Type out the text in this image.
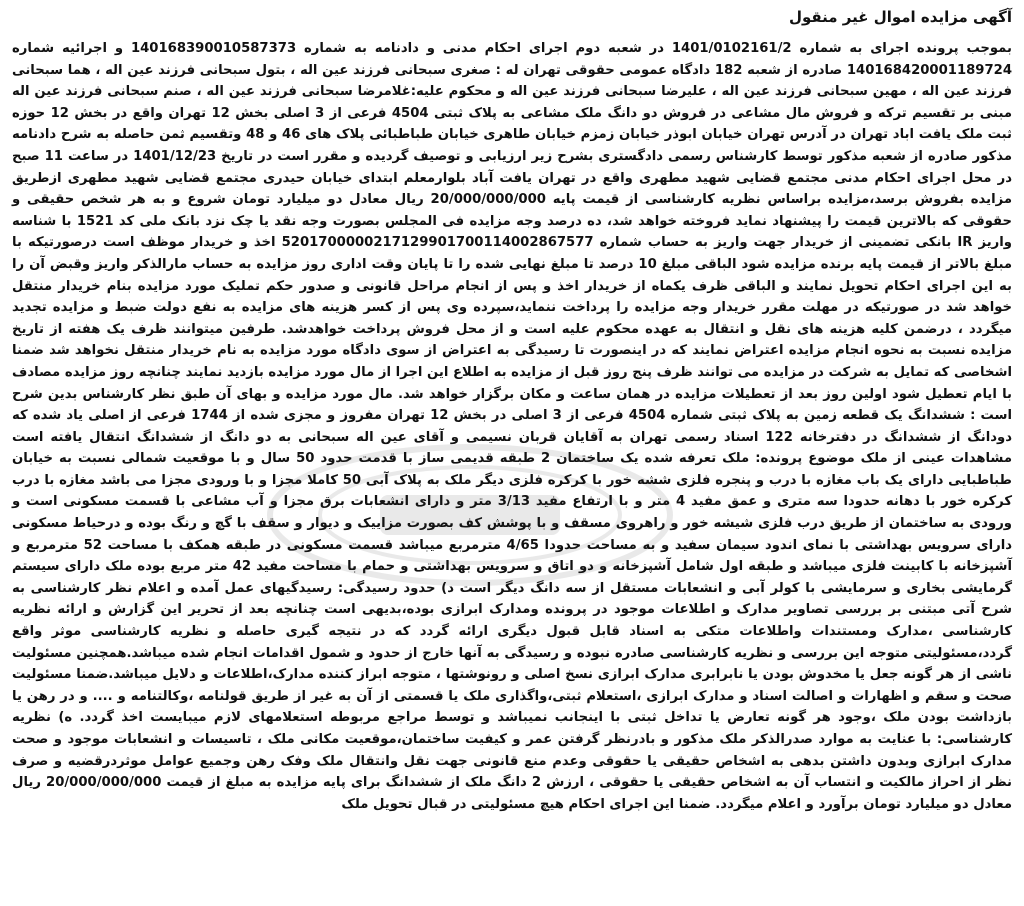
آگهی مزایده اموال غیر منقول

بموجب پرونده اجرای به شماره 1401/0102161/2 در شعبه دوم اجرای احکام مدنی و دادنامه به شماره 140168390010587373 و اجرائیه شماره 140168420001189724 صادره از شعبه 182 دادگاه عمومی حقوقی تهران له : صغری سبحانی فرزند عین اله ، بتول سبحانی فرزند عین اله ، هما سبحانی فرزند عین اله ، مهین سبحانی فرزند عین اله ، علیرضا سبحانی فرزند عین اله و محکوم علیه:غلامرضا سبحانی فرزند عین اله ، صنم سبحانی فرزند عین اله مبنی بر تقسیم ترکه و فروش مال مشاعی در فروش دو دانگ ملک مشاعی به پلاک ثبتی 4504 فرعی از 3 اصلی بخش 12 تهران واقع در بخش 12 حوزه ثبت ملک یافت اباد تهران در آدرس تهران خیابان ابوذر خیابان زمزم خیابان طاهری خیابان طباطبائی پلاک های 46 و 48 وتقسیم ثمن حاصله به شرح دادنامه مذکور صادره از شعبه مذکور توسط کارشناس رسمی دادگستری بشرح زیر ارزیابی و توصیف گردیده و مقرر است در تاریخ 1401/12/23 در ساعت 11 صبح در محل اجرای احکام مدنی مجتمع قضایی شهید مطهری واقع در تهران یافت آباد بلوارمعلم ابتدای خیابان حیدری مجتمع قضایی شهید مطهری ازطریق مزایده بفروش برسد،مزایده براساس نظریه کارشناسی از قیمت پایه 20/000/000/000 ریال معادل دو میلیارد تومان شروع و به هر شخص حقیقی و حقوقی که بالاترین قیمت را پیشنهاد نماید فروخته خواهد شد، ده درصد وجه مزایده فی المجلس بصورت وجه نقد یا چک نزد بانک ملی کد 1521 با شناسه واریز IR بانکی تضمینی از خریدار جهت واریز به حساب شماره 5201700000217129901700114002867577 اخذ و خریدار موظف است درصورتیکه با مبلغ بالاتر از قیمت پایه برنده مزایده شود الباقی مبلغ 10 درصد تا مبلغ نهایی شده را تا پایان وقت اداری روز مزایده به حساب مارالذکر واریز وقبض آن را به این اجرای احکام تحویل نمایند و الباقی ظرف یکماه از خریدار اخذ و پس از انجام مراحل قانونی و صدور حکم تملیک مورد مزایده بنام خریدار منتقل خواهد شد در صورتیکه در مهلت مقرر خریدار وجه مزایده را پرداخت ننماید،سپرده وی پس از کسر هزینه های مزایده به نفع دولت ضبط و مزایده تجدید میگردد ، درضمن کلیه هزینه های نقل و انتقال به عهده محکوم علیه است و از محل فروش پرداخت خواهدشد. طرفین میتوانند ظرف یک هفته از تاریخ مزایده نسبت به نحوه انجام مزایده اعتراض نمایند که در اینصورت تا رسیدگی به اعتراض از سوی دادگاه مورد مزایده به نام خریدار منتقل نخواهد شد ضمنا اشخاصی که تمایل به شرکت در مزایده می توانند ظرف پنج روز قبل از مزایده به اطلاع این اجرا از مال مورد مزایده بازدید نمایند چنانچه روز مزایده مصادف با ایام تعطیل شود اولین روز بعد از تعطیلات مزایده در همان ساعت و مکان برگزار خواهد شد. مال مورد مزایده و بهای آن طبق نظر کارشناس بدین شرح است : ششدانگ یک قطعه زمین به پلاک ثبتی شماره 4504 فرعی از 3 اصلی در بخش 12 تهران مفروز و مجزی شده از 1744 فرعی از اصلی یاد شده که دودانگ از ششدانگ در دفترخانه 122 اسناد رسمی تهران به آقایان قربان نسیمی و آقای عین اله سبحانی به دو دانگ از ششدانگ انتقال یافته است مشاهدات عینی از ملک موضوع پرونده: ملک تعرفه شده یک ساختمان 2 طبقه قدیمی ساز با قدمت حدود 50 سال و با موقعیت شمالی نسبت به خیابان طباطبایی دارای یک باب مغازه با درب و پنجره فلزی ششه خور با کرکره فلزی دیگر ملک به پلاک آبی 50 کاملا مجزا و با ورودی مجزا می باشد مغازه با درب کرکره خور با دهانه حدودا سه متری و عمق مفید 4 متر و با ارتفاع مفید 3/13 متر و دارای انشعابات برق مجزا و آب مشاعی با قسمت مسکونی است و ورودی به ساختمان از طریق درب فلزی شیشه خور و راهروی مسقف و با پوشش کف بصورت مزاییک و دیوار و سقف با گچ و رنگ بوده و درحیاط مسکونی دارای سرویس بهداشتی با نمای اندود سیمان سفید و به مساحت حدودا 4/65 مترمربع میباشد قسمت مسکونی در طبقه همکف با مساحت 52 مترمربع و آشپزخانه با کابینت فلزی میباشد و طبقه اول شامل آشپزخانه و دو اتاق و سرویس بهداشتی و حمام با مساحت مفید 42 متر مربع بوده ملک دارای سیستم گرمایشی بخاری و سرمایشی با کولر آبی و انشعابات مستقل از سه دانگ دیگر است د) حدود رسیدگی: رسیدگیهای عمل آمده و اعلام نظر کارشناسی به شرح آتی مبتنی بر بررسی تصاویر مدارک و اطلاعات موجود در پرونده ومدارک ابرازی بوده،بدیهی است چنانچه بعد از تحریر این گزارش و ارائه نظریه کارشناسی ،مدارک ومستندات واطلاعات متکی به اسناد قابل قبول دیگری ارائه گردد که در نتیجه گیری حاصله و نظریه کارشناسی موثر واقع گردد،مسئولیتی متوجه این بررسی و نظریه کارشناسی صادره نبوده و رسیدگی به آنها خارج از حدود و شمول اقدامات انجام شده میباشد.همچنین مسئولیت ناشی از هر گونه جعل یا مخدوش بودن یا نابرابری مدارک ابرازی نسخ اصلی و رونوشتها ، متوجه ابراز کننده مدارک،اطلاعات و دلایل میباشد.ضمنا مسئولیت صحت و سقم و اظهارات و اصالت اسناد و مدارک ابرازی ،استعلام ثبتی،واگذاری ملک یا قسمتی از آن به غیر از طریق قولنامه ،وکالتنامه و .... و در رهن یا بازداشت بودن ملک ،وجود هر گونه تعارض یا تداخل ثبتی با اینجانب نمیباشد و توسط مراجع مربوطه استعلامهای لازم میبایست اخذ گردد. ه) نظریه کارشناسی: با عنایت به موارد صدرالذکر ملک مذکور و بادرنظر گرفتن عمر و کیفیت ساختمان،موقعیت مکانی ملک ، تاسیسات و انشعابات موجود و صحت مدارک ابرازی وبدون داشتن بدهی به اشخاص حقیقی یا حقوقی وعدم منع قانونی جهت نقل وانتقال ملک وفک رهن وجمیع عوامل موثردرقضیه و صرف نظر از احراز مالکیت و انتساب آن به اشخاص حقیقی یا حقوقی ، ارزش 2 دانگ ملک از ششدانگ برای پایه مزایده به مبلغ از قیمت 20/000/000/000 ریال معادل دو میلیارد تومان برآورد و اعلام میگردد. ضمنا این اجرای احکام هیچ مسئولیتی در قبال تحویل ملک
